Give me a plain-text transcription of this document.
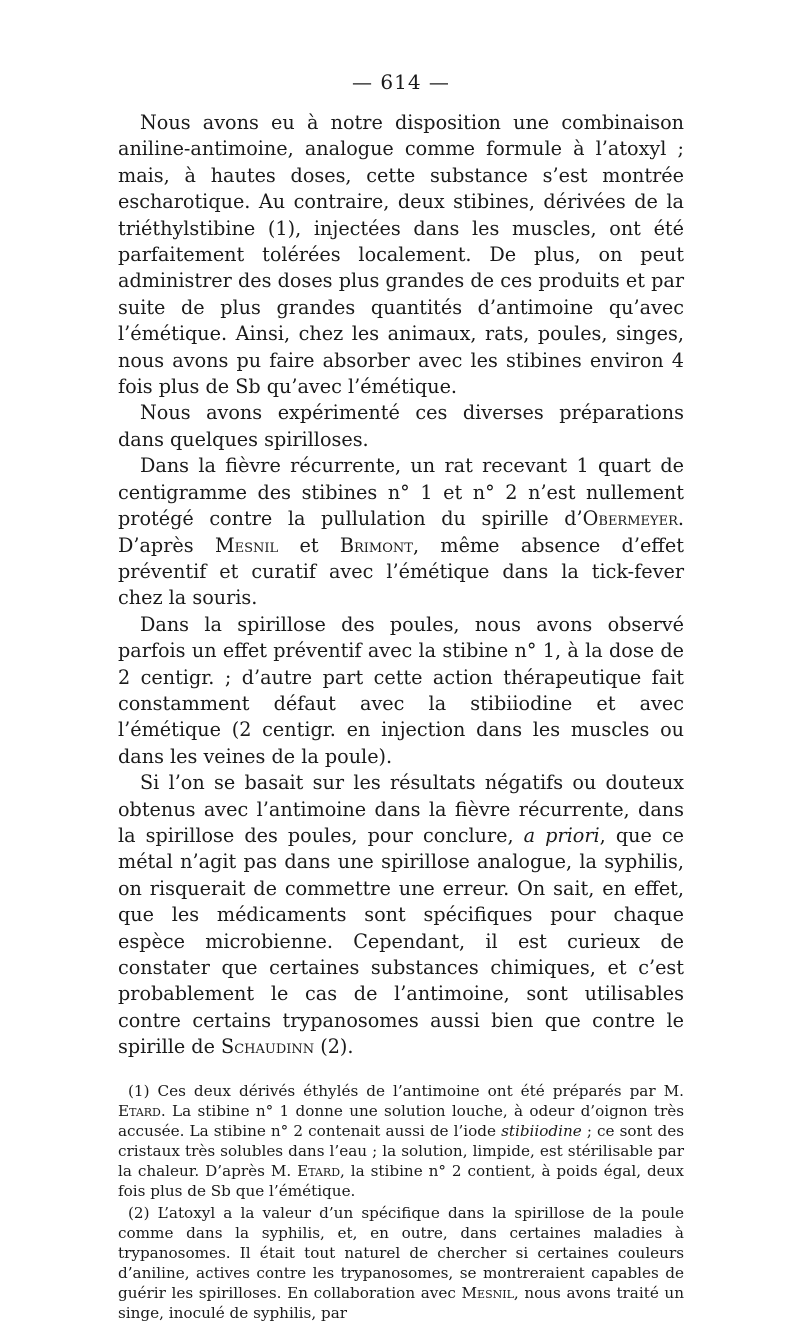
— 614 —

Nous avons eu à notre disposition une combinaison aniline-antimoine, analogue comme formule à l’atoxyl ; mais, à hautes doses, cette substance s’est montrée escharotique. Au contraire, deux stibines, dérivées de la triéthylstibine (1), injectées dans les muscles, ont été parfaitement tolérées localement. De plus, on peut administrer des doses plus grandes de ces produits et par suite de plus grandes quantités d’antimoine qu’avec l’émétique. Ainsi, chez les animaux, rats, poules, singes, nous avons pu faire absorber avec les stibines environ 4 fois plus de Sb qu’avec l’émétique.

Nous avons expérimenté ces diverses préparations dans quelques spirilloses.

Dans la fièvre récurrente, un rat recevant 1 quart de centigramme des stibines n° 1 et n° 2 n’est nullement protégé contre la pullulation du spirille d’Obermeyer. D’après Mesnil et Brimont, même absence d’effet préventif et curatif avec l’émétique dans la tick-fever chez la souris.

Dans la spirillose des poules, nous avons observé parfois un effet préventif avec la stibine n° 1, à la dose de 2 centigr. ; d’autre part cette action thérapeutique fait constamment défaut avec la stibiiodine et avec l’émétique (2 centigr. en injection dans les muscles ou dans les veines de la poule).

Si l’on se basait sur les résultats négatifs ou douteux obtenus avec l’antimoine dans la fièvre récurrente, dans la spirillose des poules, pour conclure, a priori, que ce métal n’agit pas dans une spirillose analogue, la syphilis, on risquerait de commettre une erreur. On sait, en effet, que les médicaments sont spécifiques pour chaque espèce microbienne. Cependant, il est curieux de constater que certaines substances chimiques, et c’est probablement le cas de l’antimoine, sont utilisables contre certains trypanosomes aussi bien que contre le spirille de Schaudinn (2).

(1) Ces deux dérivés éthylés de l’antimoine ont été préparés par M. Etard. La stibine n° 1 donne une solution louche, à odeur d’oignon très accusée. La stibine n° 2 contenait aussi de l’iode stibiiodine ; ce sont des cristaux très solubles dans l’eau ; la solution, limpide, est stérilisable par la chaleur. D’après M. Etard, la stibine n° 2 contient, à poids égal, deux fois plus de Sb que l’émétique.

(2) L’atoxyl a la valeur d’un spécifique dans la spirillose de la poule comme dans la syphilis, et, en outre, dans certaines maladies à trypanosomes. Il était tout naturel de chercher si certaines couleurs d’aniline, actives contre les trypanosomes, se montreraient capables de guérir les spirilloses. En collaboration avec Mesnil, nous avons traité un singe, inoculé de syphilis, par
